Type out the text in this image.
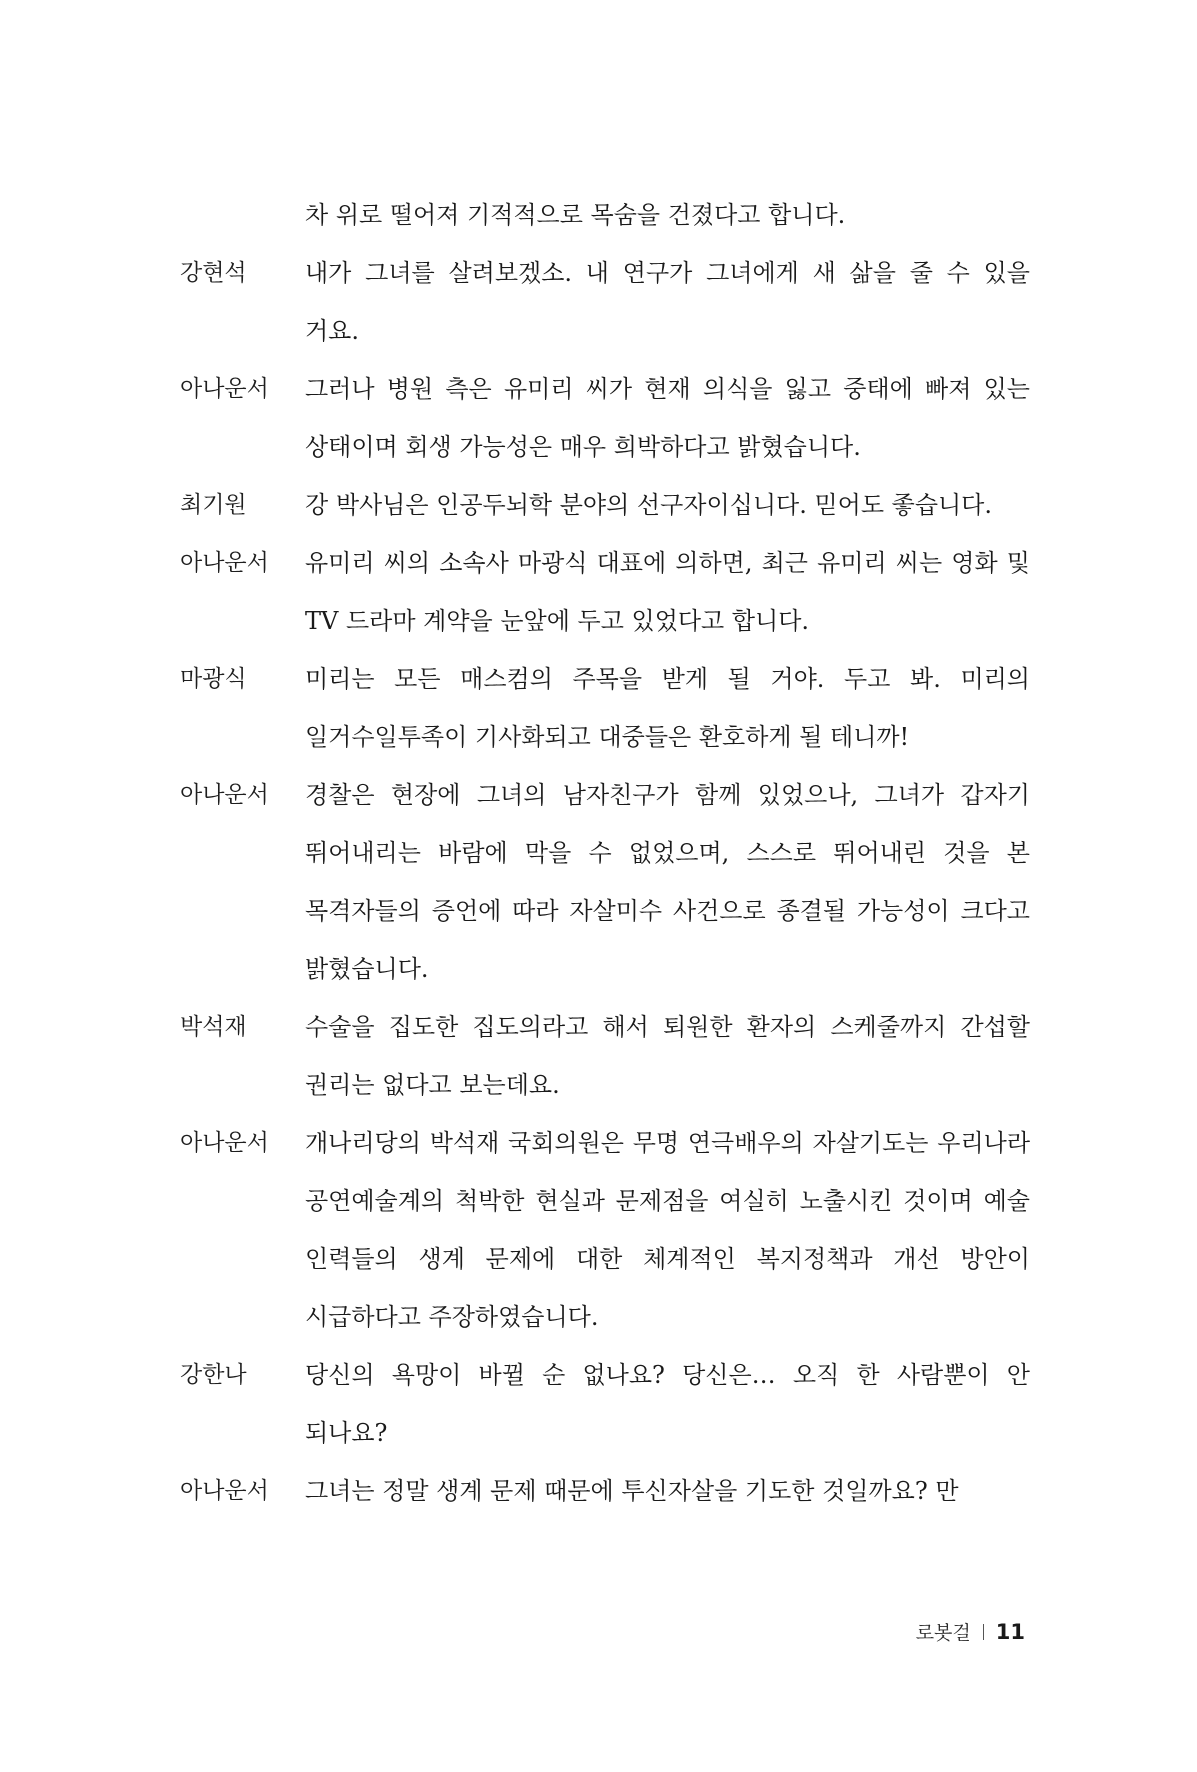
차 위로 떨어져 기적적으로 목숨을 건졌다고 합니다.
강현석	내가 그녀를 살려보겠소. 내 연구가 그녀에게 새 삶을 줄 수 있을 거요.
아나운서	그러나 병원 측은 유미리 씨가 현재 의식을 잃고 중태에 빠져 있는 상태이며 회생 가능성은 매우 희박하다고 밝혔습니다.
최기원	강 박사님은 인공두뇌학 분야의 선구자이십니다. 믿어도 좋습니다.
아나운서	유미리 씨의 소속사 마광식 대표에 의하면, 최근 유미리 씨는 영화 및 TV 드라마 계약을 눈앞에 두고 있었다고 합니다.
마광식	미리는 모든 매스컴의 주목을 받게 될 거야. 두고 봐. 미리의 일거수일투족이 기사화되고 대중들은 환호하게 될 테니까!
아나운서	경찰은 현장에 그녀의 남자친구가 함께 있었으나, 그녀가 갑자기 뛰어내리는 바람에 막을 수 없었으며, 스스로 뛰어내린 것을 본 목격자들의 증언에 따라 자살미수 사건으로 종결될 가능성이 크다고 밝혔습니다.
박석재	수술을 집도한 집도의라고 해서 퇴원한 환자의 스케줄까지 간섭할 권리는 없다고 보는데요.
아나운서	개나리당의 박석재 국회의원은 무명 연극배우의 자살기도는 우리나라 공연예술계의 척박한 현실과 문제점을 여실히 노출시킨 것이며 예술 인력들의 생계 문제에 대한 체계적인 복지정책과 개선 방안이 시급하다고 주장하였습니다.
강한나	당신의 욕망이 바뀔 순 없나요? 당신은… 오직 한 사람뿐이 안 되나요?
아나운서	그녀는 정말 생계 문제 때문에 투신자살을 기도한 것일까요? 만
로봇걸 11
